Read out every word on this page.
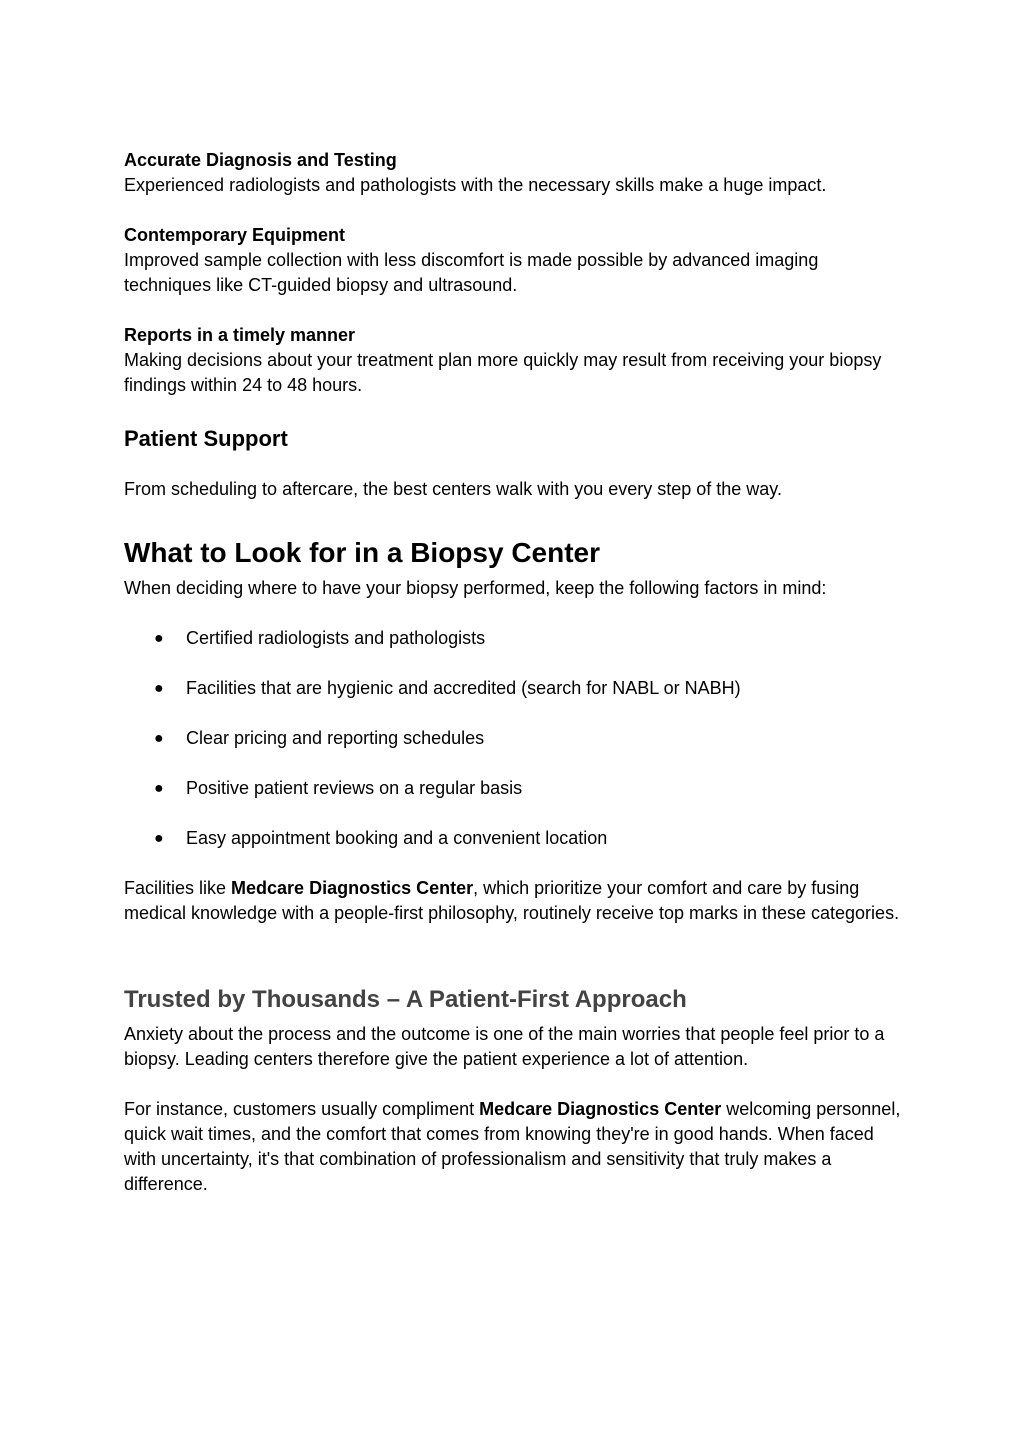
Accurate Diagnosis and Testing
Experienced radiologists and pathologists with the necessary skills make a huge impact.

Contemporary Equipment
Improved sample collection with less discomfort is made possible by advanced imaging techniques like CT-guided biopsy and ultrasound.

Reports in a timely manner
Making decisions about your treatment plan more quickly may result from receiving your biopsy findings within 24 to 48 hours.

Patient Support

From scheduling to aftercare, the best centers walk with you every step of the way.

What to Look for in a Biopsy Center

When deciding where to have your biopsy performed, keep the following factors in mind:

● Certified radiologists and pathologists
● Facilities that are hygienic and accredited (search for NABL or NABH)
● Clear pricing and reporting schedules
● Positive patient reviews on a regular basis
● Easy appointment booking and a convenient location

Facilities like Medcare Diagnostics Center, which prioritize your comfort and care by fusing medical knowledge with a people-first philosophy, routinely receive top marks in these categories.

Trusted by Thousands – A Patient-First Approach

Anxiety about the process and the outcome is one of the main worries that people feel prior to a biopsy. Leading centers therefore give the patient experience a lot of attention.

For instance, customers usually compliment Medcare Diagnostics Center welcoming personnel, quick wait times, and the comfort that comes from knowing they're in good hands. When faced with uncertainty, it's that combination of professionalism and sensitivity that truly makes a difference.
